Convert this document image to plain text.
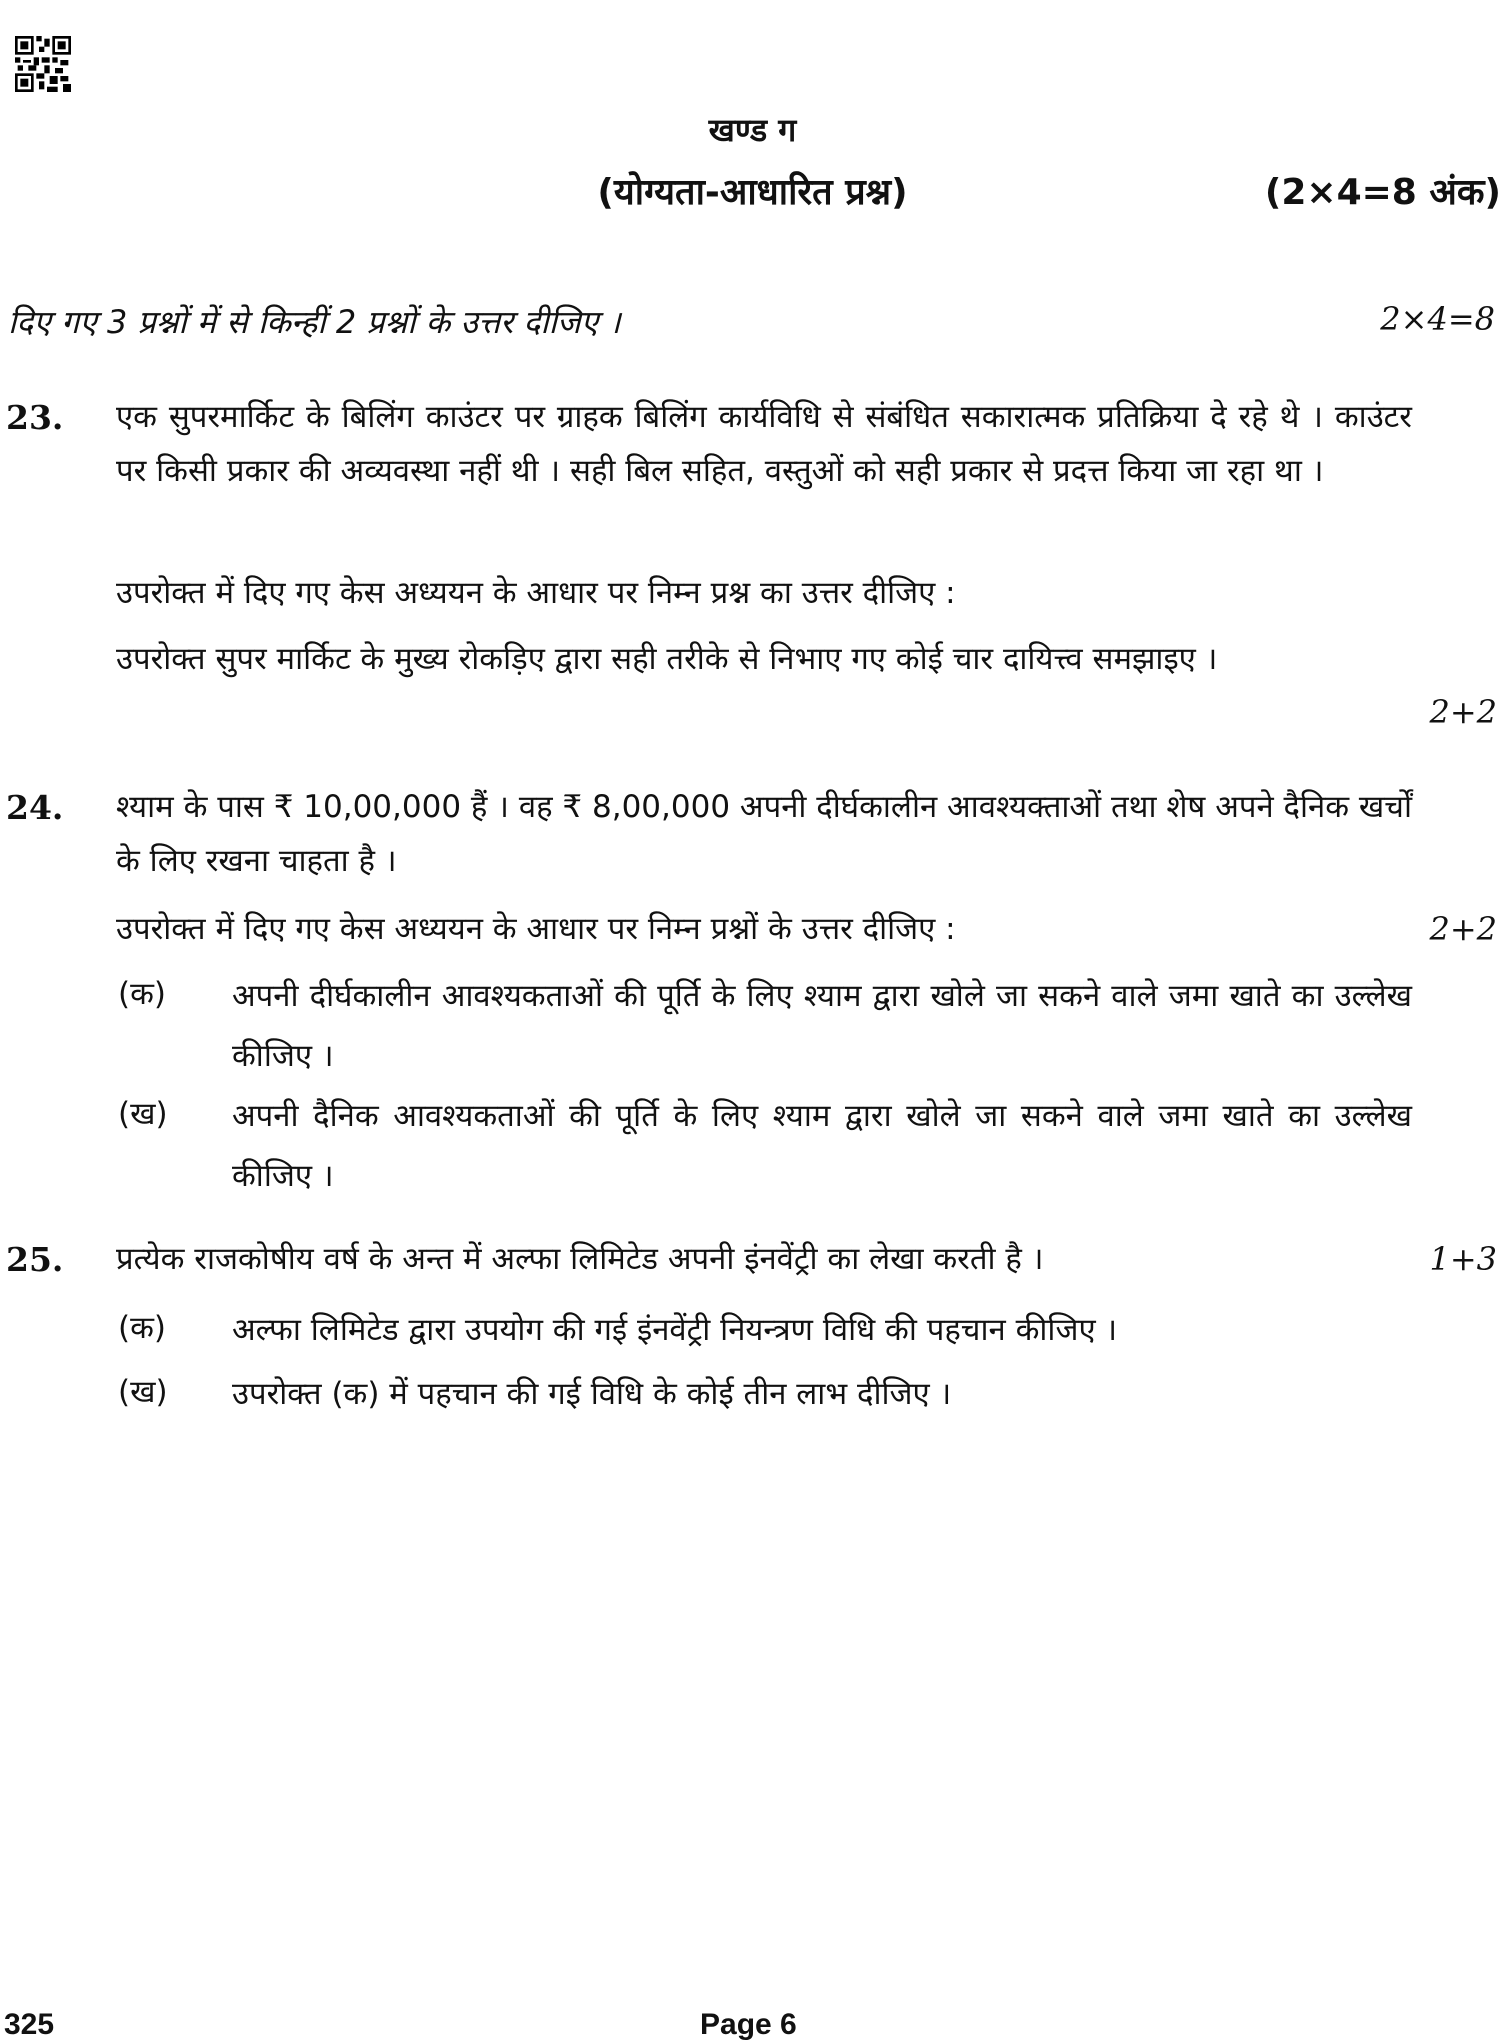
खण्ड ग
(योग्यता-आधारित प्रश्न)	(2×4=8 अंक)
दिए गए 3 प्रश्नों में से किन्हीं 2 प्रश्नों के उत्तर दीजिए ।	2×4=8
23. एक सुपरमार्किट के बिलिंग काउंटर पर ग्राहक बिलिंग कार्यविधि से संबंधित सकारात्मक प्रतिक्रिया दे रहे थे । काउंटर पर किसी प्रकार की अव्यवस्था नहीं थी । सही बिल सहित, वस्तुओं को सही प्रकार से प्रदत्त किया जा रहा था ।
उपरोक्त में दिए गए केस अध्ययन के आधार पर निम्न प्रश्न का उत्तर दीजिए :
उपरोक्त सुपर मार्किट के मुख्य रोकड़िए द्वारा सही तरीके से निभाए गए कोई चार दायित्त्व समझाइए ।
2+2
24. श्याम के पास ₹ 10,00,000 हैं । वह ₹ 8,00,000 अपनी दीर्घकालीन आवश्यक्ताओं तथा शेष अपने दैनिक खर्चों के लिए रखना चाहता है ।
उपरोक्त में दिए गए केस अध्ययन के आधार पर निम्न प्रश्नों के उत्तर दीजिए :	2+2
(क) अपनी दीर्घकालीन आवश्यकताओं की पूर्ति के लिए श्याम द्वारा खोले जा सकने वाले जमा खाते का उल्लेख कीजिए ।
(ख) अपनी दैनिक आवश्यकताओं की पूर्ति के लिए श्याम द्वारा खोले जा सकने वाले जमा खाते का उल्लेख कीजिए ।
25. प्रत्येक राजकोषीय वर्ष के अन्त में अल्फा लिमिटेड अपनी इंनवेंट्री का लेखा करती है ।	1+3
(क) अल्फा लिमिटेड द्वारा उपयोग की गई इंनवेंट्री नियन्त्रण विधि की पहचान कीजिए ।
(ख) उपरोक्त (क) में पहचान की गई विधि के कोई तीन लाभ दीजिए ।
325	Page 6
